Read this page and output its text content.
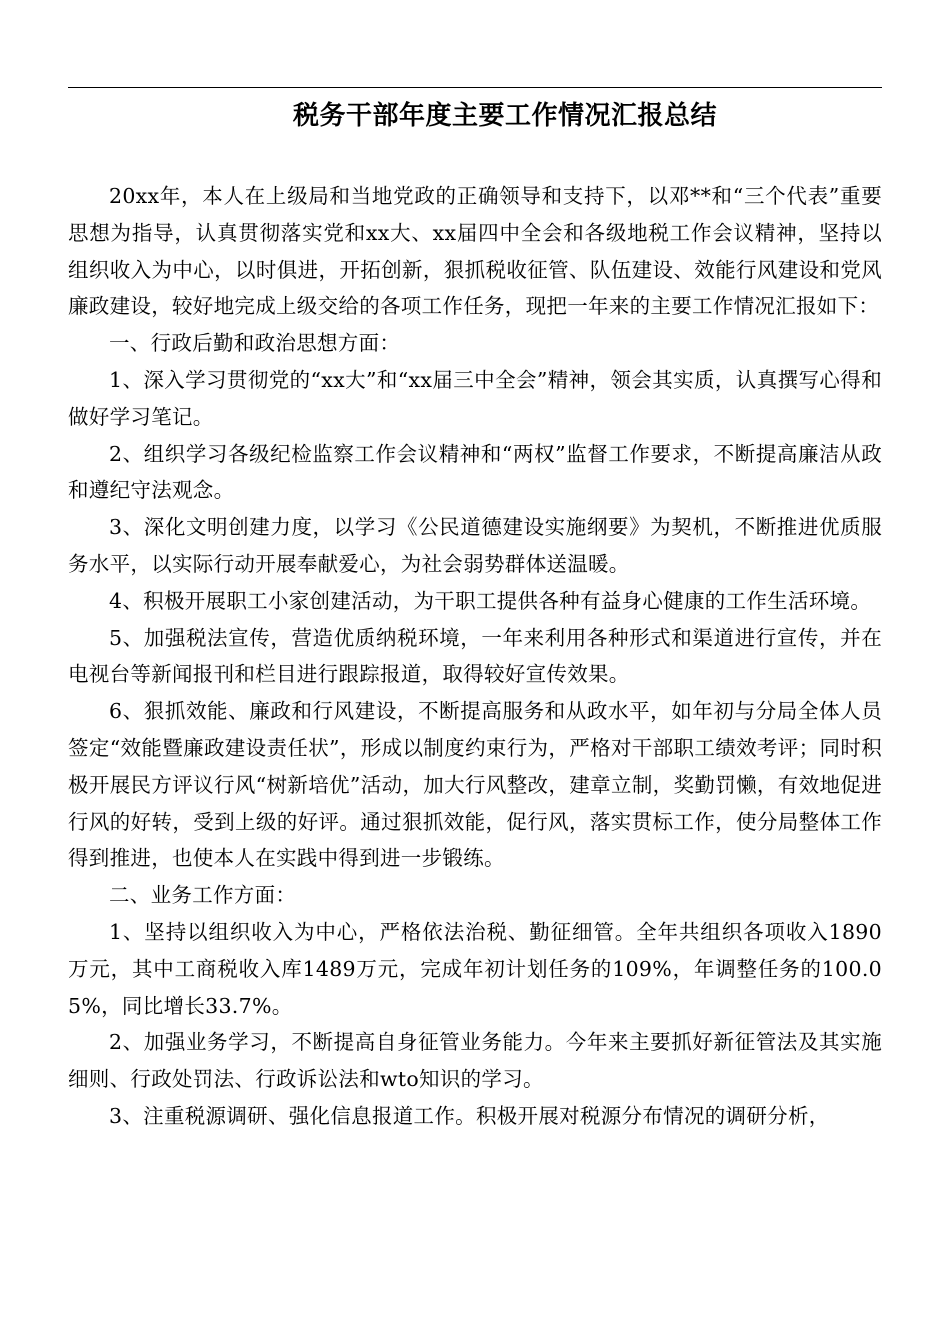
税务干部年度主要工作情况汇报总结

20xx年，本人在上级局和当地党政的正确领导和支持下，以邓**和“三个代表”重要思想为指导，认真贯彻落实党和xx大、xx届四中全会和各级地税工作会议精神，坚持以组织收入为中心，以时俱进，开拓创新，狠抓税收征管、队伍建设、效能行风建设和党风廉政建设，较好地完成上级交给的各项工作任务，现把一年来的主要工作情况汇报如下：

一、行政后勤和政治思想方面：

1、深入学习贯彻党的“xx大”和“xx届三中全会”精神，领会其实质，认真撰写心得和做好学习笔记。

2、组织学习各级纪检监察工作会议精神和“两权”监督工作要求，不断提高廉洁从政和遵纪守法观念。

3、深化文明创建力度，以学习《公民道德建设实施纲要》为契机，不断推进优质服务水平，以实际行动开展奉献爱心，为社会弱势群体送温暖。

4、积极开展职工小家创建活动，为干职工提供各种有益身心健康的工作生活环境。

5、加强税法宣传，营造优质纳税环境，一年来利用各种形式和渠道进行宣传，并在电视台等新闻报刊和栏目进行跟踪报道，取得较好宣传效果。

6、狠抓效能、廉政和行风建设，不断提高服务和从政水平，如年初与分局全体人员签定“效能暨廉政建设责任状”，形成以制度约束行为，严格对干部职工绩效考评；同时积极开展民方评议行风“树新培优”活动，加大行风整改，建章立制，奖勤罚懒，有效地促进行风的好转，受到上级的好评。通过狠抓效能，促行风，落实贯标工作，使分局整体工作得到推进，也使本人在实践中得到进一步锻练。

二、业务工作方面：

1、坚持以组织收入为中心，严格依法治税、勤征细管。全年共组织各项收入1890万元，其中工商税收入库1489万元，完成年初计划任务的109%，年调整任务的100.05%，同比增长33.7%。

2、加强业务学习，不断提高自身征管业务能力。今年来主要抓好新征管法及其实施细则、行政处罚法、行政诉讼法和wto知识的学习。

3、注重税源调研、强化信息报道工作。积极开展对税源分布情况的调研分析，
